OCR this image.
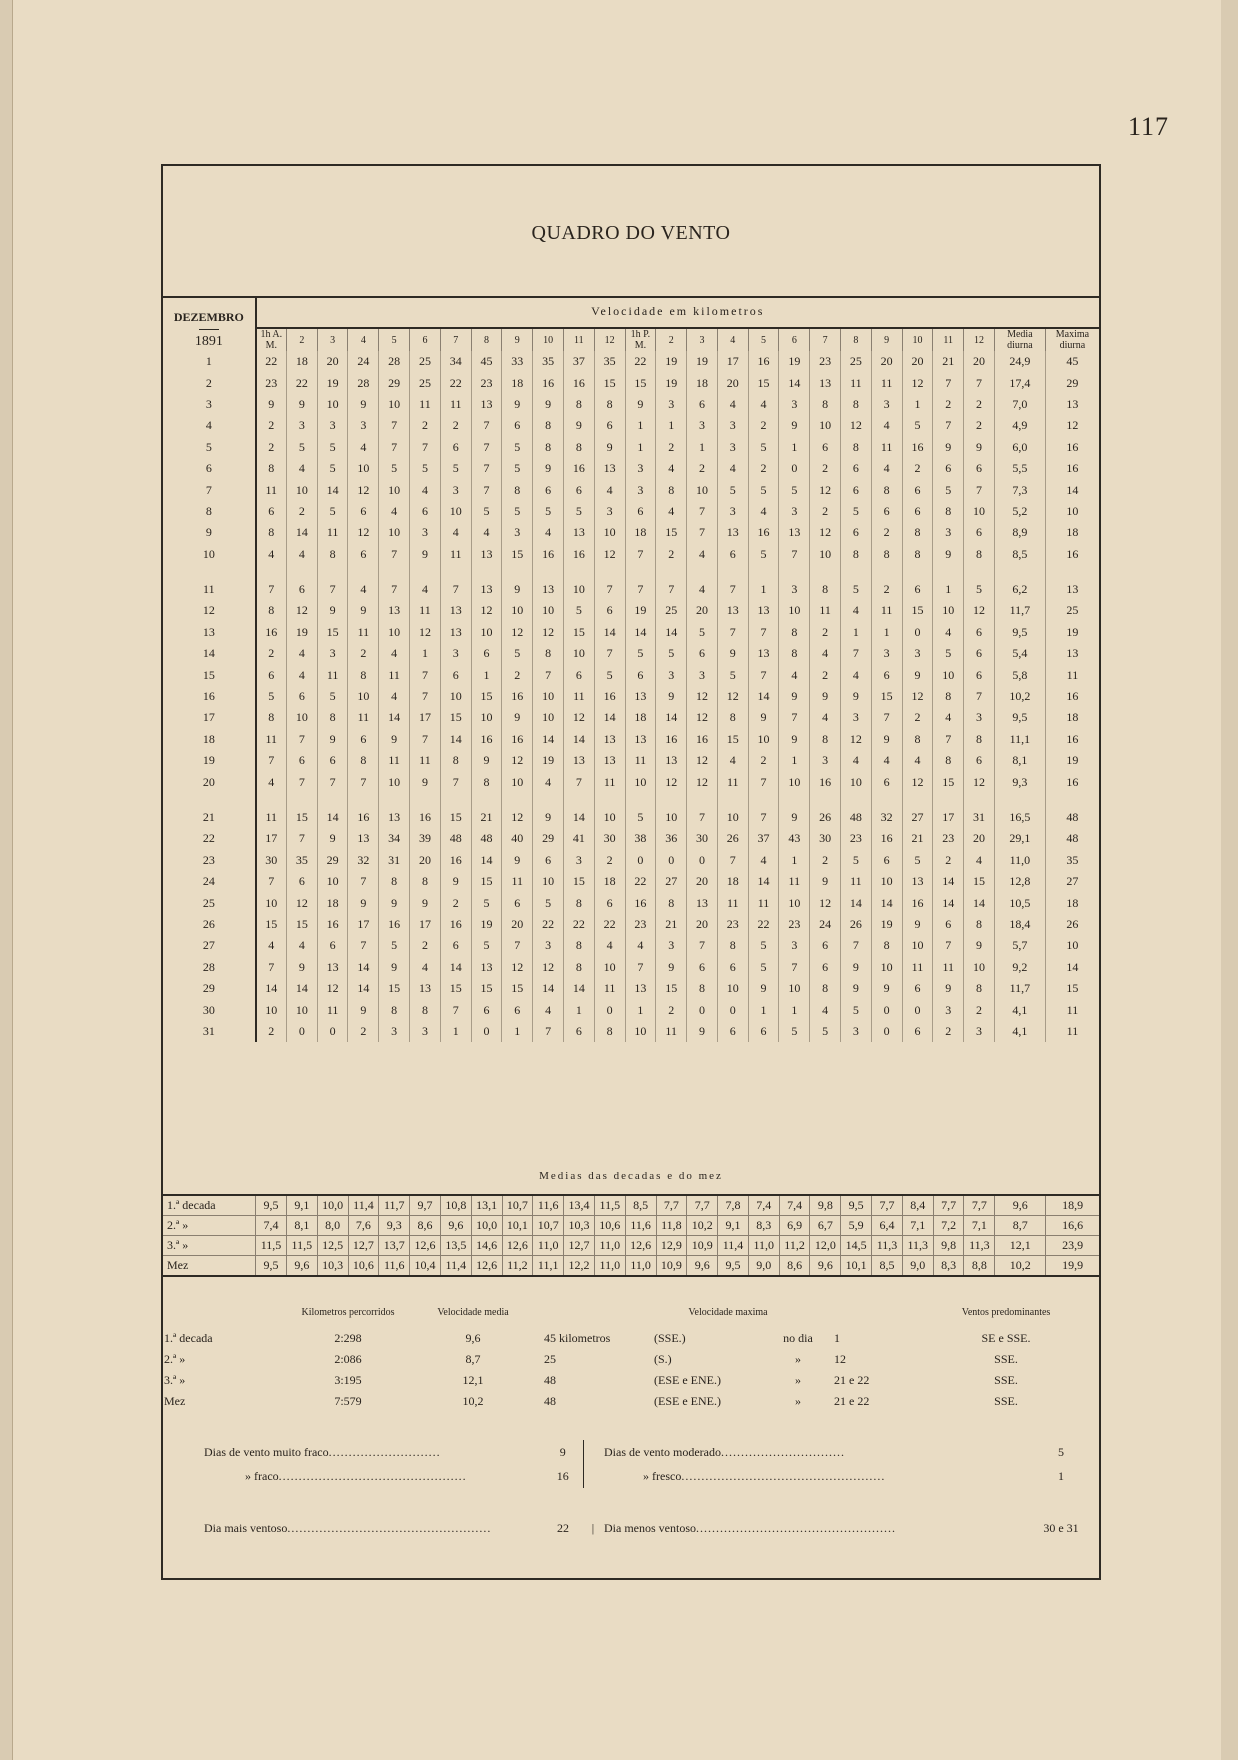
117
QUADRO DO VENTO
DEZEMBRO
1891	Velocidade em kilometros																									
	1h A. M.	2	3	4	5	6	7	8	9	10	11	12	1h P. M.	2	3	4	5	6	7	8	9	10	11	12	Media diurna	Maxima diurna
1	22	18	20	24	28	25	34	45	33	35	37	35	22	19	19	17	16	19	23	25	20	20	21	20	24,9	45
2	23	22	19	28	29	25	22	23	18	16	16	15	15	19	18	20	15	14	13	11	11	12	7	7	17,4	29
3	9	9	10	9	10	11	11	13	9	9	8	8	9	3	6	4	4	3	8	8	3	1	2	2	7,0	13
4	2	3	3	3	7	2	2	7	6	8	9	6	1	1	3	3	2	9	10	12	4	5	7	2	4,9	12
5	2	5	5	4	7	7	6	7	5	8	8	9	1	2	1	3	5	1	6	8	11	16	9	9	6,0	16
6	8	4	5	10	5	5	5	7	5	9	16	13	3	4	2	4	2	0	2	6	4	2	6	6	5,5	16
7	11	10	14	12	10	4	3	7	8	6	6	4	3	8	10	5	5	5	12	6	8	6	5	7	7,3	14
8	6	2	5	6	4	6	10	5	5	5	5	3	6	4	7	3	4	3	2	5	6	6	8	10	5,2	10
9	8	14	11	12	10	3	4	4	3	4	13	10	18	15	7	13	16	13	12	6	2	8	3	6	8,9	18
10	4	4	8	6	7	9	11	13	15	16	16	12	7	2	4	6	5	7	10	8	8	8	9	8	8,5	16

11	7	6	7	4	7	4	7	13	9	13	10	7	7	7	4	7	1	3	8	5	2	6	1	5	6,2	13
12	8	12	9	9	13	11	13	12	10	10	5	6	19	25	20	13	13	10	11	4	11	15	10	12	11,7	25
13	16	19	15	11	10	12	13	10	12	12	15	14	14	14	5	7	7	8	2	1	1	0	4	6	9,5	19
14	2	4	3	2	4	1	3	6	5	8	10	7	5	5	6	9	13	8	4	7	3	3	5	6	5,4	13
15	6	4	11	8	11	7	6	1	2	7	6	5	6	3	3	5	7	4	2	4	6	9	10	6	5,8	11
16	5	6	5	10	4	7	10	15	16	10	11	16	13	9	12	12	14	9	9	9	15	12	8	7	10,2	16
17	8	10	8	11	14	17	15	10	9	10	12	14	18	14	12	8	9	7	4	3	7	2	4	3	9,5	18
18	11	7	9	6	9	7	14	16	16	14	14	13	13	16	16	15	10	9	8	12	9	8	7	8	11,1	16
19	7	6	6	8	11	11	8	9	12	19	13	13	11	13	12	4	2	1	3	4	4	4	8	6	8,1	19
20	4	7	7	7	10	9	7	8	10	4	7	11	10	12	12	11	7	10	16	10	6	12	15	12	9,3	16

21	11	15	14	16	13	16	15	21	12	9	14	10	5	10	7	10	7	9	26	48	32	27	17	31	16,5	48
22	17	7	9	13	34	39	48	48	40	29	41	30	38	36	30	26	37	43	30	23	16	21	23	20	29,1	48
23	30	35	29	32	31	20	16	14	9	6	3	2	0	0	0	7	4	1	2	5	6	5	2	4	11,0	35
24	7	6	10	7	8	8	9	15	11	10	15	18	22	27	20	18	14	11	9	11	10	13	14	15	12,8	27
25	10	12	18	9	9	9	2	5	6	5	8	6	16	8	13	11	11	10	12	14	14	16	14	14	10,5	18
26	15	15	16	17	16	17	16	19	20	22	22	22	23	21	20	23	22	23	24	26	19	9	6	8	18,4	26
27	4	4	6	7	5	2	6	5	7	3	8	4	4	3	7	8	5	3	6	7	8	10	7	9	5,7	10
28	7	9	13	14	9	4	14	13	12	12	8	10	7	9	6	6	5	7	6	9	10	11	11	10	9,2	14
29	14	14	12	14	15	13	15	15	15	14	14	11	13	15	8	10	9	10	8	9	9	6	9	8	11,7	15
30	10	10	11	9	8	8	7	6	6	4	1	0	1	2	0	0	1	1	4	5	0	0	3	2	4,1	11
31	2	0	0	2	3	3	1	0	1	7	6	8	10	11	9	6	6	5	5	3	0	6	2	3	4,1	11
Medias das decadas e do mez
1.ª decada	9,5	9,1	10,0	11,4	11,7	9,7	10,8	13,1	10,7	11,6	13,4	11,5	8,5	7,7	7,7	7,8	7,4	7,4	9,8	9,5	7,7	8,4	7,7	7,7	9,6	18,9
2.ª »	7,4	8,1	8,0	7,6	9,3	8,6	9,6	10,0	10,1	10,7	10,3	10,6	11,6	11,8	10,2	9,1	8,3	6,9	6,7	5,9	6,4	7,1	7,2	7,1	8,7	16,6
3.ª »	11,5	11,5	12,5	12,7	13,7	12,6	13,5	14,6	12,6	11,0	12,7	11,0	12,6	12,9	10,9	11,4	11,0	11,2	12,0	14,5	11,3	11,3	9,8	11,3	12,1	23,9
Mez	9,5	9,6	10,3	10,6	11,6	10,4	11,4	12,6	11,2	11,1	12,2	11,0	11,0	10,9	9,6	9,5	9,0	8,6	9,6	10,1	8,5	9,0	8,3	8,8	10,2	19,9
	Kilometros percorridos	Velocidade media	Velocidade maxima				Ventos predominantes
1.ª decada	2:298	9,6	45 kilometros	(SSE.)	no dia	1	SE e SSE.
2.ª »	2:086	8,7	25	(S.)	»	12	SSE.
3.ª »	3:195	12,1	48	(ESE e ENE.)	»	21 e 22	SSE.
Mez	7:579	10,2	48	(ESE e ENE.)	»	21 e 22	SSE.
	Dias de vento muito fraco............................	9		Dias de vento moderado...............................	5
	» fraco...............................................	16		» fresco...................................................	1

	Dia mais ventoso...................................................	22	|	Dia menos ventoso..................................................	30 e 31
